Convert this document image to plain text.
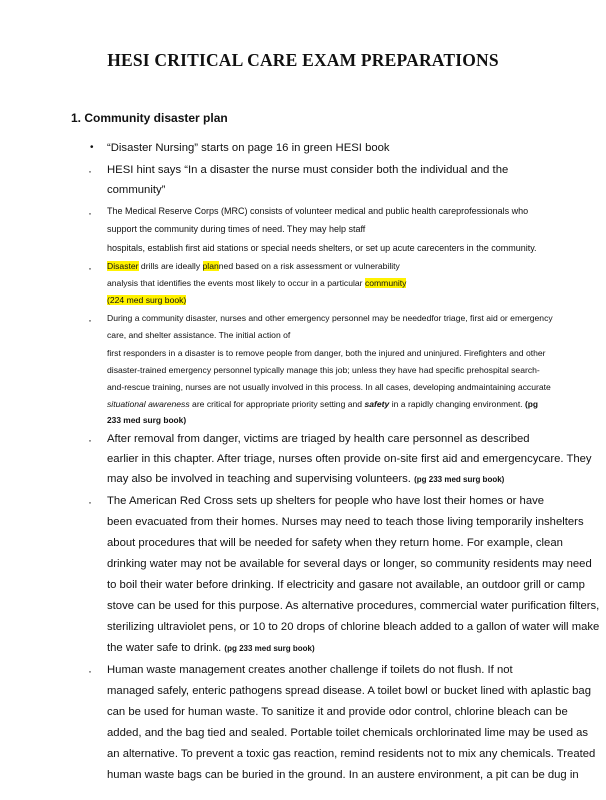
HESI CRITICAL CARE EXAM PREPARATIONS
1. Community disaster plan
• “Disaster Nursing” starts on page 16 in green HESI book
· HESI hint says “In a disaster the nurse must consider both the individual and the
community”
· The Medical Reserve Corps (MRC) consists of volunteer medical and public health careprofessionals who
support the community during times of need. They may help staff
hospitals, establish first aid stations or special needs shelters, or set up acute carecenters in the community.
· Disaster drills are ideally planned based on a risk assessment or vulnerability
analysis that identifies the events most likely to occur in a particular community
(224 med surg book)
· During a community disaster, nurses and other emergency personnel may be neededfor triage, first aid or emergency
care, and shelter assistance. The initial action of
first responders in a disaster is to remove people from danger, both the injured and uninjured. Firefighters and other
disaster-trained emergency personnel typically manage this job; unless they have had specific prehospital search-
and-rescue training, nurses are not usually involved in this process. In all cases, developing andmaintaining accurate
situational awareness are critical for appropriate priority setting and safety in a rapidly changing environment. (pg
233 med surg book)
· After removal from danger, victims are triaged by health care personnel as described
earlier in this chapter. After triage, nurses often provide on-site first aid and emergencycare. They
may also be involved in teaching and supervising volunteers. (pg 233 med surg book)
· The American Red Cross sets up shelters for people who have lost their homes or have
been evacuated from their homes. Nurses may need to teach those living temporarily inshelters
about procedures that will be needed for safety when they return home. For example, clean
drinking water may not be available for several days or longer, so community residents may need
to boil their water before drinking. If electricity and gasare not available, an outdoor grill or camp
stove can be used for this purpose. As alternative procedures, commercial water purification filters,
sterilizing ultraviolet pens, or 10 to 20 drops of chlorine bleach added to a gallon of water will make
the water safe to drink. (pg 233 med surg book)
· Human waste management creates another challenge if toilets do not flush. If not
managed safely, enteric pathogens spread disease. A toilet bowl or bucket lined with aplastic bag
can be used for human waste. To sanitize it and provide odor control, chlorine bleach can be
added, and the bag tied and sealed. Portable toilet chemicals orchlorinated lime may be used as
an alternative. To prevent a toxic gas reaction, remind residents not to mix any chemicals. Treated
human waste bags can be buried in the ground. In an austere environment, a pit can be dug in
